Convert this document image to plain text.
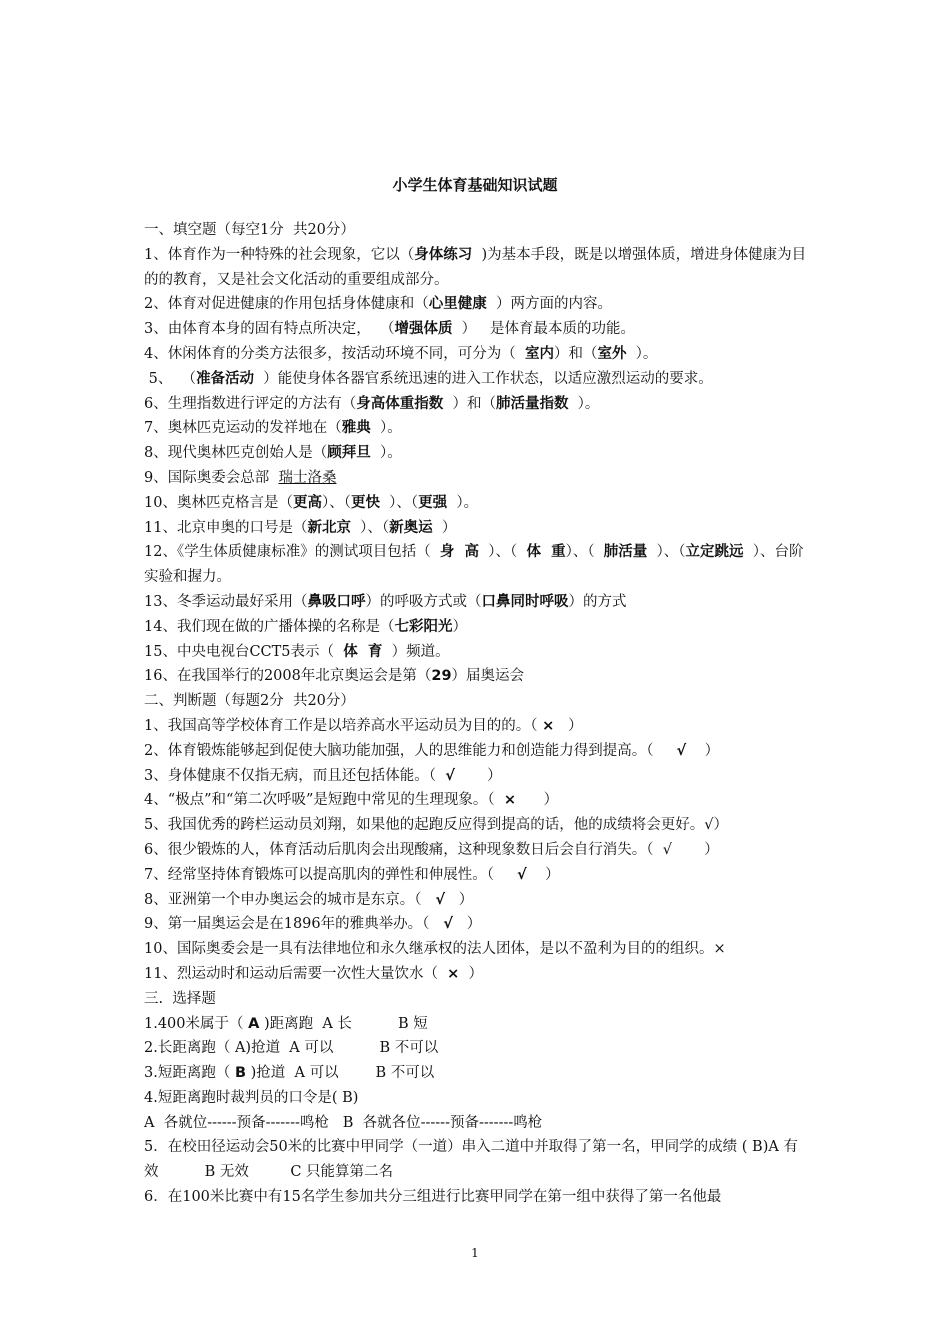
小学生体育基础知识试题
一、填空题（每空1分  共20分）
1、体育作为一种特殊的社会现象，它以（身体练习  )为基本手段，既是以增强体质，增进身体健康为目的的教育，又是社会文化活动的重要组成部分。
2、体育对促进健康的作用包括身体健康和（心里健康  ）两方面的内容。
3、由体育本身的固有特点所决定，  （增强体质  ）   是体育最本质的功能。
4、休闲体育的分类方法很多，按活动环境不同，可分为（  室内）和（室外  ）。
5、  （准备活动  ）能使身体各器官系统迅速的进入工作状态，以适应激烈运动的要求。
6、生理指数进行评定的方法有（身高体重指数  ）和（肺活量指数  ）。
7、奥林匹克运动的发祥地在（雅典  ）。
8、现代奥林匹克创始人是（顾拜旦  ）。
9、国际奥委会总部  瑞士洛桑
10、奥林匹克格言是（更高）、（更快  ）、（更强  ）。
11、北京申奥的口号是（新北京  ）、（新奥运  ）
12、《学生体质健康标准》的测试项目包括（  身  高  ）、（  体  重）、（  肺活量  ）、（立定跳远  ）、台阶实验和握力。
13、冬季运动最好采用（鼻吸口呼）的呼吸方式或（口鼻同时呼吸）的方式
14、我们现在做的广播体操的名称是（七彩阳光）
15、中央电视台CCT5表示（  体  育  ）频道。
16、在我国举行的2008年北京奥运会是第（29）届奥运会
二、判断题（每题2分  共20分）
1、我国高等学校体育工作是以培养高水平运动员为目的的。（ ×   ）
2、体育锻炼能够起到促使大脑功能加强，人的思维能力和创造能力得到提高。（     √    ）
3、身体健康不仅指无病，而且还包括体能。（  √       ）
4、“极点”和“第二次呼吸”是短跑中常见的生理现象。（  ×      ）
5、我国优秀的跨栏运动员刘翔，如果他的起跑反应得到提高的话，他的成绩将会更好。√）
6、很少锻炼的人，体育活动后肌肉会出现酸痛，这种现象数日后会自行消失。（  √       ）
7、经常坚持体育锻炼可以提高肌肉的弹性和伸展性。（     √    ）
8、亚洲第一个申办奥运会的城市是东京。（   √   ）
9、第一届奥运会是在1896年的雅典举办。（   √   ）
10、国际奥委会是一具有法律地位和永久继承权的法人团体，是以不盈利为目的的组织。×
11、烈运动时和运动后需要一次性大量饮水（  ×  ）
三.  选择题
1.400米属于（ A )距离跑  A 长          B 短
2.长距离跑（ A)抢道  A 可以          B 不可以
3.短距离跑（ B )抢道  A 可以        B 不可以
4.短距离跑时裁判员的口令是( B)
A  各就位------预备-------鸣枪   B  各就各位------预备-------鸣枪
5．在校田径运动会50米的比赛中甲同学（一道）串入二道中并取得了第一名，甲同学的成绩 ( B)A 有效          B 无效         C 只能算第二名
6．在100米比赛中有15名学生参加共分三组进行比赛甲同学在第一组中获得了第一名他最
1
